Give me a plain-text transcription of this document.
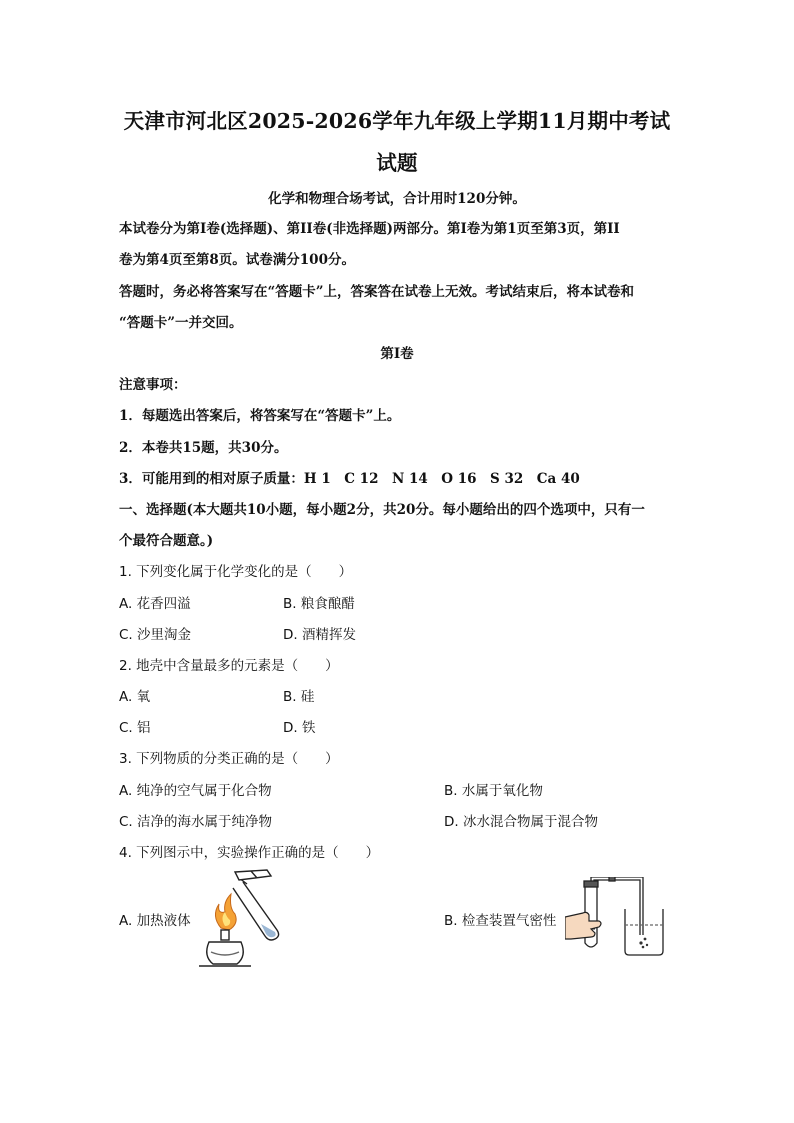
天津市河北区2025-2026学年九年级上学期11月期中考试
试题
化学和物理合场考试，合计用时120分钟。
本试卷分为第I卷(选择题)、第II卷(非选择题)两部分。第I卷为第1页至第3页，第II
卷为第4页至第8页。试卷满分100分。
答题时，务必将答案写在“答题卡”上，答案答在试卷上无效。考试结束后，将本试卷和
“答题卡”一并交回。
第I卷
注意事项：
1．每题选出答案后，将答案写在“答题卡”上。
2．本卷共15题，共30分。
3．可能用到的相对原子质量：H 1　C 12　N 14　O 16　S 32　Ca 40
一、选择题(本大题共10小题，每小题2分，共20分。每小题给出的四个选项中，只有一
个最符合题意。)
1. 下列变化属于化学变化的是（　　）
A. 花香四溢	B. 粮食酿醋
C. 沙里淘金	D. 酒精挥发
2. 地壳中含量最多的元素是（　　）
A. 氧	B. 硅
C. 铝	D. 铁
3. 下列物质的分类正确的是（　　）
A. 纯净的空气属于化合物	B. 水属于氧化物
C. 洁净的海水属于纯净物	D. 冰水混合物属于混合物
4. 下列图示中，实验操作正确的是（　　）
A. 加热液体	B. 检查装置气密性
